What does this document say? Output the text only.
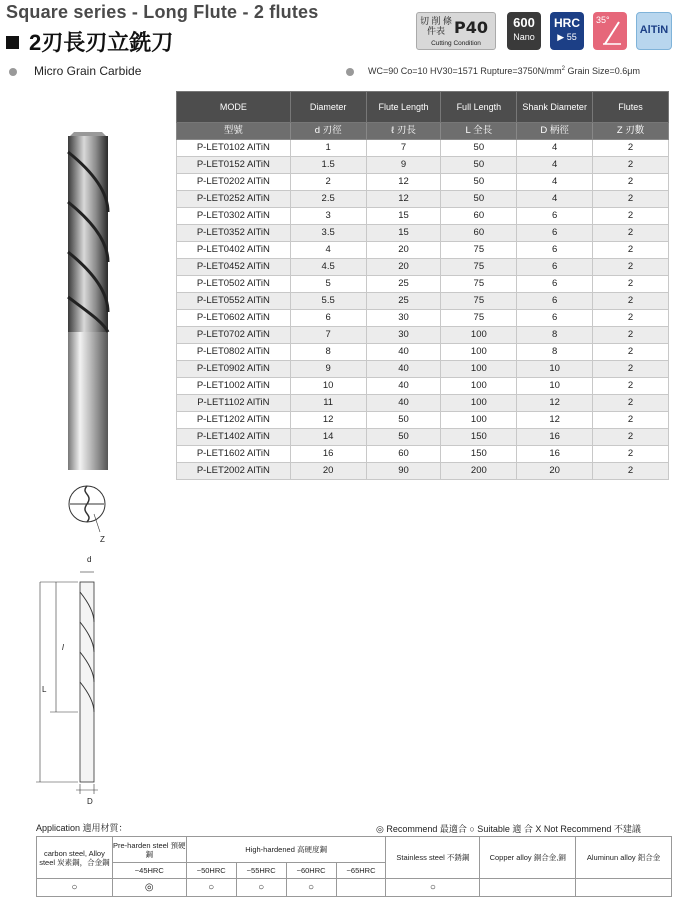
Square series - Long Flute - 2 flutes
2刃長刃立銑刀
切 削 條件表 P40
Cutting Condition
600
Nano
HRC
▶ 55
35°
AlTiN
Micro Grain Carbide	WC=90 Co=10 HV30=1571 $Rupture=3750N/mm^2$ Grain Size=0.6μm
MODE	Diameter	Flute Length	Full Length	Shank Diameter	Flutes
型號	d 刃徑	ℓ 刃長	L 全長	D 柄徑	Z 刃數
P-LET0102 AlTiN	1	7	50	4	2
P-LET0152 AlTiN	1.5	9	50	4	2
P-LET0202 AlTiN	2	12	50	4	2
P-LET0252 AlTiN	2.5	12	50	4	2
P-LET0302 AlTiN	3	15	60	6	2
P-LET0352 AlTiN	3.5	15	60	6	2
P-LET0402 AlTiN	4	20	75	6	2
P-LET0452 AlTiN	4.5	20	75	6	2
P-LET0502 AlTiN	5	25	75	6	2
P-LET0552 AlTiN	5.5	25	75	6	2
P-LET0602 AlTiN	6	30	75	6	2
P-LET0702 AlTiN	7	30	100	8	2
P-LET0802 AlTiN	8	40	100	8	2
P-LET0902 AlTiN	9	40	100	10	2
P-LET1002 AlTiN	10	40	100	10	2
P-LET1102 AlTiN	11	40	100	12	2
P-LET1202 AlTiN	12	50	100	12	2
P-LET1402 AlTiN	14	50	150	16	2
P-LET1602 AlTiN	16	60	150	16	2
P-LET2002 AlTiN	20	90	200	20	2
Z
d
l
L
D
Application 適用材質：	◎ Recommend 最適合 ○ Suitable 適 合 X Not Recommend 不建議
carbon steel, Alloy steel 炭素鋼，合金鋼	Pre-harden steel 預硬鋼	High-hardened 高硬度鋼				Stainless steel 不銹鋼	Copper alloy 銅合金,銅	Aluminun alloy 鋁合金
	~45HRC	~50HRC	~55HRC	~60HRC	~65HRC			
○	◎	○	○	○		○		
